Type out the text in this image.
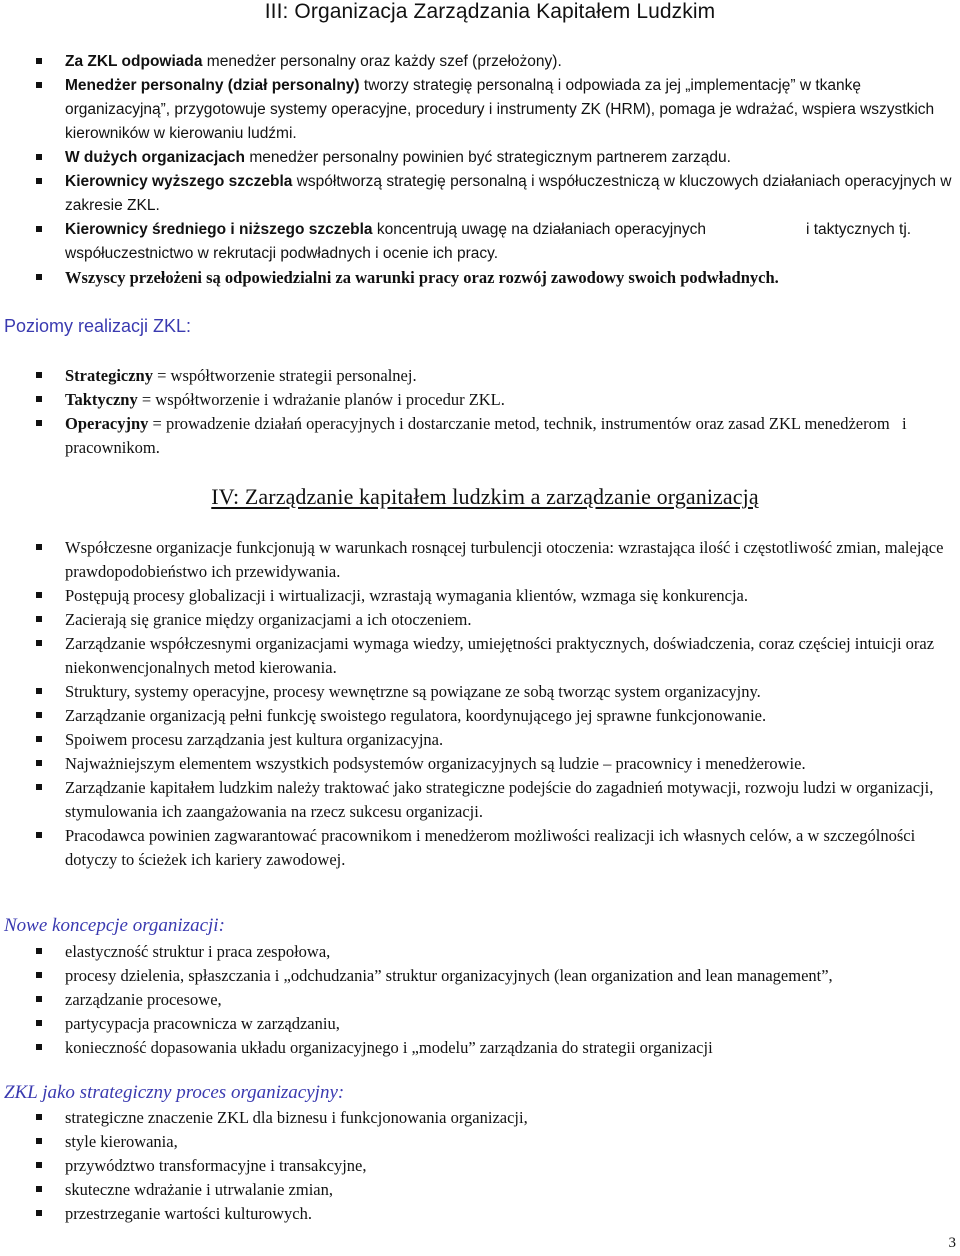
III: Organizacja Zarządzania Kapitałem Ludzkim
Za ZKL odpowiada menedżer personalny oraz każdy szef (przełożony).
Menedżer personalny (dział personalny) tworzy strategię personalną i odpowiada za jej „implementację” w tkankę organizacyjną”, przygotowuje systemy operacyjne, procedury i instrumenty ZK (HRM), pomaga je wdrażać, wspiera wszystkich kierowników w kierowaniu ludźmi.
W dużych organizacjach menedżer personalny powinien być strategicznym partnerem zarządu.
Kierownicy wyższego szczebla współtworzą strategię personalną i współuczestniczą w kluczowych działaniach operacyjnych w zakresie ZKL.
Kierownicy średniego i niższego szczebla koncentrują uwagę na działaniach operacyjnych	i taktycznych tj. współuczestnictwo w rekrutacji podwładnych i ocenie ich pracy.
Wszyscy przełożeni są odpowiedzialni za warunki pracy oraz rozwój zawodowy swoich podwładnych.
Poziomy realizacji ZKL:
Strategiczny = współtworzenie strategii personalnej.
Taktyczny = współtworzenie i wdrażanie planów i procedur ZKL.
Operacyjny = prowadzenie działań operacyjnych i dostarczanie metod, technik, instrumentów oraz zasad ZKL menedżerom   i pracownikom.
IV: Zarządzanie kapitałem ludzkim a zarządzanie organizacją
Współczesne organizacje funkcjonują w warunkach rosnącej turbulencji otoczenia: wzrastająca ilość i częstotliwość zmian, malejące prawdopodobieństwo ich przewidywania.
Postępują procesy globalizacji i wirtualizacji, wzrastają wymagania klientów, wzmaga się konkurencja.
Zacierają się granice między organizacjami a ich otoczeniem.
Zarządzanie współczesnymi organizacjami wymaga wiedzy, umiejętności praktycznych, doświadczenia, coraz częściej intuicji oraz niekonwencjonalnych metod kierowania.
Struktury, systemy operacyjne, procesy wewnętrzne są powiązane ze sobą tworząc system organizacyjny.
Zarządzanie organizacją pełni funkcję swoistego regulatora, koordynującego jej sprawne funkcjonowanie.
Spoiwem procesu zarządzania jest kultura organizacyjna.
Najważniejszym elementem wszystkich podsystemów organizacyjnych są ludzie – pracownicy i menedżerowie.
Zarządzanie kapitałem ludzkim należy traktować jako strategiczne podejście do zagadnień motywacji, rozwoju ludzi w organizacji, stymulowania ich zaangażowania na rzecz sukcesu organizacji.
Pracodawca powinien zagwarantować pracownikom i menedżerom możliwości realizacji ich własnych celów, a w szczególności dotyczy to ścieżek ich kariery zawodowej.
Nowe koncepcje organizacji:
elastyczność struktur i praca zespołowa,
procesy dzielenia, spłaszczania i „odchudzania” struktur organizacyjnych (lean organization and lean management”,
zarządzanie procesowe,
partycypacja pracownicza w zarządzaniu,
konieczność dopasowania układu organizacyjnego i „modelu” zarządzania do strategii organizacji
ZKL jako strategiczny proces organizacyjny:
strategiczne znaczenie ZKL dla biznesu i funkcjonowania organizacji,
style kierowania,
przywództwo transformacyjne i transakcyjne,
skuteczne wdrażanie i utrwalanie zmian,
przestrzeganie wartości kulturowych.
3
